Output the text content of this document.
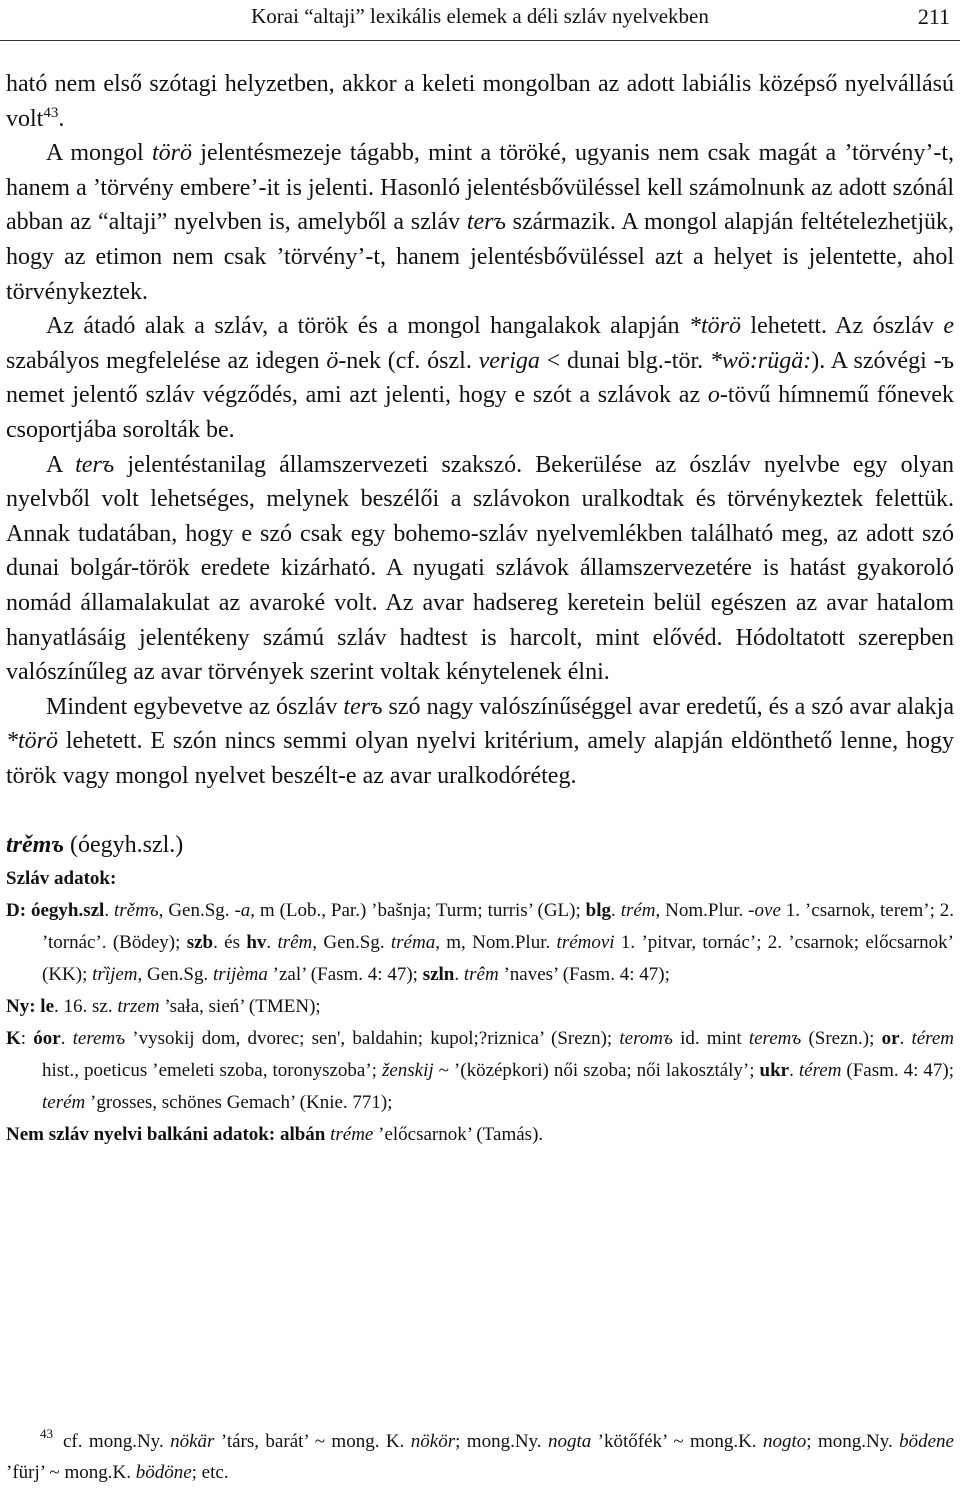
Korai “altaji” lexikális elemek a déli szláv nyelvekben	211

ható nem első szótagi helyzetben, akkor a keleti mongolban az adott labiális középső nyelvállású volt$^{43}$.

A mongol törö jelentésmezeje tágabb, mint a töröké, ugyanis nem csak magát a ’törvény’-t, hanem a ’törvény embere’-it is jelenti. Hasonló jelentésbővüléssel kell számolnunk az adott szónál abban az “altaji” nyelvben is, amelyből a szláv terъ származik. A mongol alapján feltételezhetjük, hogy az etimon nem csak ’törvény’-t, hanem jelentésbővüléssel azt a helyet is jelentette, ahol törvénykeztek.

Az átadó alak a szláv, a török és a mongol hangalakok alapján *törö lehetett. Az ószláv e szabályos megfelelése az idegen ö-nek (cf. ószl. veriga < dunai blg.-tör. *wö:rügä:). A szóvégi -ъ nemet jelentő szláv végződés, ami azt jelenti, hogy e szót a szlávok az o-tövű hímnemű főnevek csoportjába sorolták be.

A terъ jelentéstanilag államszervezeti szakszó. Bekerülése az ószláv nyelvbe egy olyan nyelvből volt lehetséges, melynek beszélői a szlávokon uralkodtak és törvénykeztek felettük. Annak tudatában, hogy e szó csak egy bohemo-szláv nyelvemlékben található meg, az adott szó dunai bolgár-török eredete kizárható. A nyugati szlávok államszervezetére is hatást gyakoroló nomád államalakulat az avaroké volt. Az avar hadsereg keretein belül egészen az avar hatalom hanyatlásáig jelentékeny számú szláv hadtest is harcolt, mint elővéd. Hódoltatott szerepben valószínűleg az avar törvények szerint voltak kénytelenek élni.

Mindent egybevetve az ószláv terъ szó nagy valószínűséggel avar eredetű, és a szó avar alakja *törö lehetett. E szón nincs semmi olyan nyelvi kritérium, amely alapján eldönthető lenne, hogy török vagy mongol nyelvet beszélt-e az avar uralkodóréteg.

trěmъ (óegyh.szl.)

Szláv adatok:

D: óegyh.szl. trěmъ, Gen.Sg. -a, m (Lob., Par.) ’bašnja; Turm; turris’ (GL); blg. trém, Nom.Plur. -ove 1. ’csarnok, terem’; 2. ’tornác’. (Bödey); szb. és hv. trêm, Gen.Sg. tréma, m, Nom.Plur. trémovi 1. ’pitvar, tornác’; 2. ’csarnok; előcsarnok’ (KK); trȉjem, Gen.Sg. trijèma ’zal’ (Fasm. 4: 47); szln. trêm ’naves’ (Fasm. 4: 47);

Ny: le. 16. sz. trzem ’sała, sień’ (TMEN);

K: óor. teremъ ’vysokij dom, dvorec; sen', baldahin; kupol;?riznica’ (Srezn); teromъ id. mint teremъ (Srezn.); or. térem hist., poeticus ’emeleti szoba, toronyszoba’; ženskij ~ ’(középkori) női szoba; női lakosztály’; ukr. térem (Fasm. 4: 47); terém ’grosses, schönes Gemach’ (Knie. 771);

Nem szláv nyelvi balkáni adatok: albán tréme ’előcsarnok’ (Tamás).

$^{43}$ cf. mong.Ny. nökär ’társ, barát’ ~ mong. K. nökör; mong.Ny. nogta ’kötőfék’ ~ mong.K. nogto; mong.Ny. bödene ’fürj’ ~ mong.K. bödöne; etc.
